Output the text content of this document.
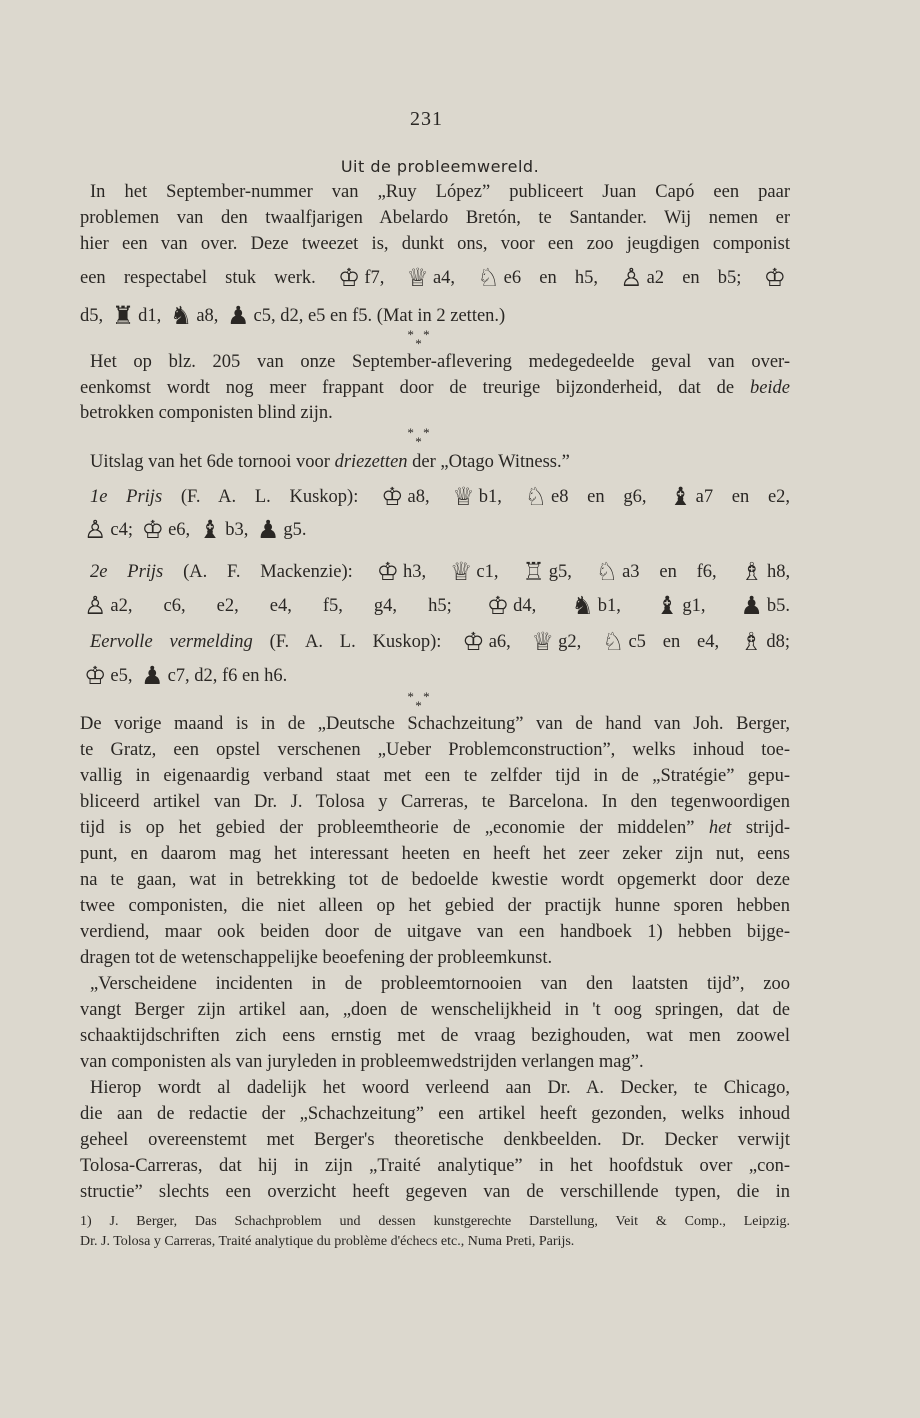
231
Uit de probleemwereld.
In het September-nummer van „Ruy López” publiceert Juan Capó een paar
problemen van den twaalfjarigen Abelardo Bretón, te Santander. Wij nemen er
hier een van over. Deze tweezet is, dunkt ons, voor een zoo jeugdigen componist
een respectabel stuk werk. ♔ f7, ♕ a4, ♘ e6 en h5, ♙ a2 en b5; ♔
d5, ♜ d1, ♞ a8, ♟ c5, d2, e5 en f5. (Mat in 2 zetten.)
* * *
Het op blz. 205 van onze September-aflevering medegedeelde geval van over-
eenkomst wordt nog meer frappant door de treurige bijzonderheid, dat de beide
betrokken componisten blind zijn.
* * *
Uitslag van het 6de tornooi voor driezetten der „Otago Witness.”
1e Prijs (F. A. L. Kuskop): ♔ a8, ♕ b1, ♘ e8 en g6, ♝ a7 en e2,
♙ c4; ♔ e6, ♝ b3, ♟ g5.
2e Prijs (A. F. Mackenzie): ♔ h3, ♕ c1, ♖ g5, ♘ a3 en f6, ♗ h8,
♙ a2, c6, e2, e4, f5, g4, h5; ♔ d4, ♞ b1, ♝ g1, ♟ b5.
Eervolle vermelding (F. A. L. Kuskop): ♔ a6, ♕ g2, ♘ c5 en e4, ♗ d8;
♔ e5, ♟ c7, d2, f6 en h6.
* * *
De vorige maand is in de „Deutsche Schachzeitung” van de hand van Joh. Berger,
te Gratz, een opstel verschenen „Ueber Problemconstruction”, welks inhoud toe-
vallig in eigenaardig verband staat met een te zelfder tijd in de „Stratégie” gepu-
bliceerd artikel van Dr. J. Tolosa y Carreras, te Barcelona. In den tegenwoordigen
tijd is op het gebied der probleemtheorie de „economie der middelen” het strijd-
punt, en daarom mag het interessant heeten en heeft het zeer zeker zijn nut, eens
na te gaan, wat in betrekking tot de bedoelde kwestie wordt opgemerkt door deze
twee componisten, die niet alleen op het gebied der practijk hunne sporen hebben
verdiend, maar ook beiden door de uitgave van een handboek 1) hebben bijge-
dragen tot de wetenschappelijke beoefening der probleemkunst.
„Verscheidene incidenten in de probleemtornooien van den laatsten tijd”, zoo
vangt Berger zijn artikel aan, „doen de wenschelijkheid in 't oog springen, dat de
schaaktijdschriften zich eens ernstig met de vraag bezighouden, wat men zoowel
van componisten als van juryleden in probleemwedstrijden verlangen mag”.
Hierop wordt al dadelijk het woord verleend aan Dr. A. Decker, te Chicago,
die aan de redactie der „Schachzeitung” een artikel heeft gezonden, welks inhoud
geheel overeenstemt met Berger's theoretische denkbeelden. Dr. Decker verwijt
Tolosa-Carreras, dat hij in zijn „Traité analytique” in het hoofdstuk over „con-
structie” slechts een overzicht heeft gegeven van de verschillende typen, die in
1) J. Berger, Das Schachproblem und dessen kunstgerechte Darstellung, Veit & Comp., Leipzig.
Dr. J. Tolosa y Carreras, Traité analytique du problème d'échecs etc., Numa Preti, Parijs.
